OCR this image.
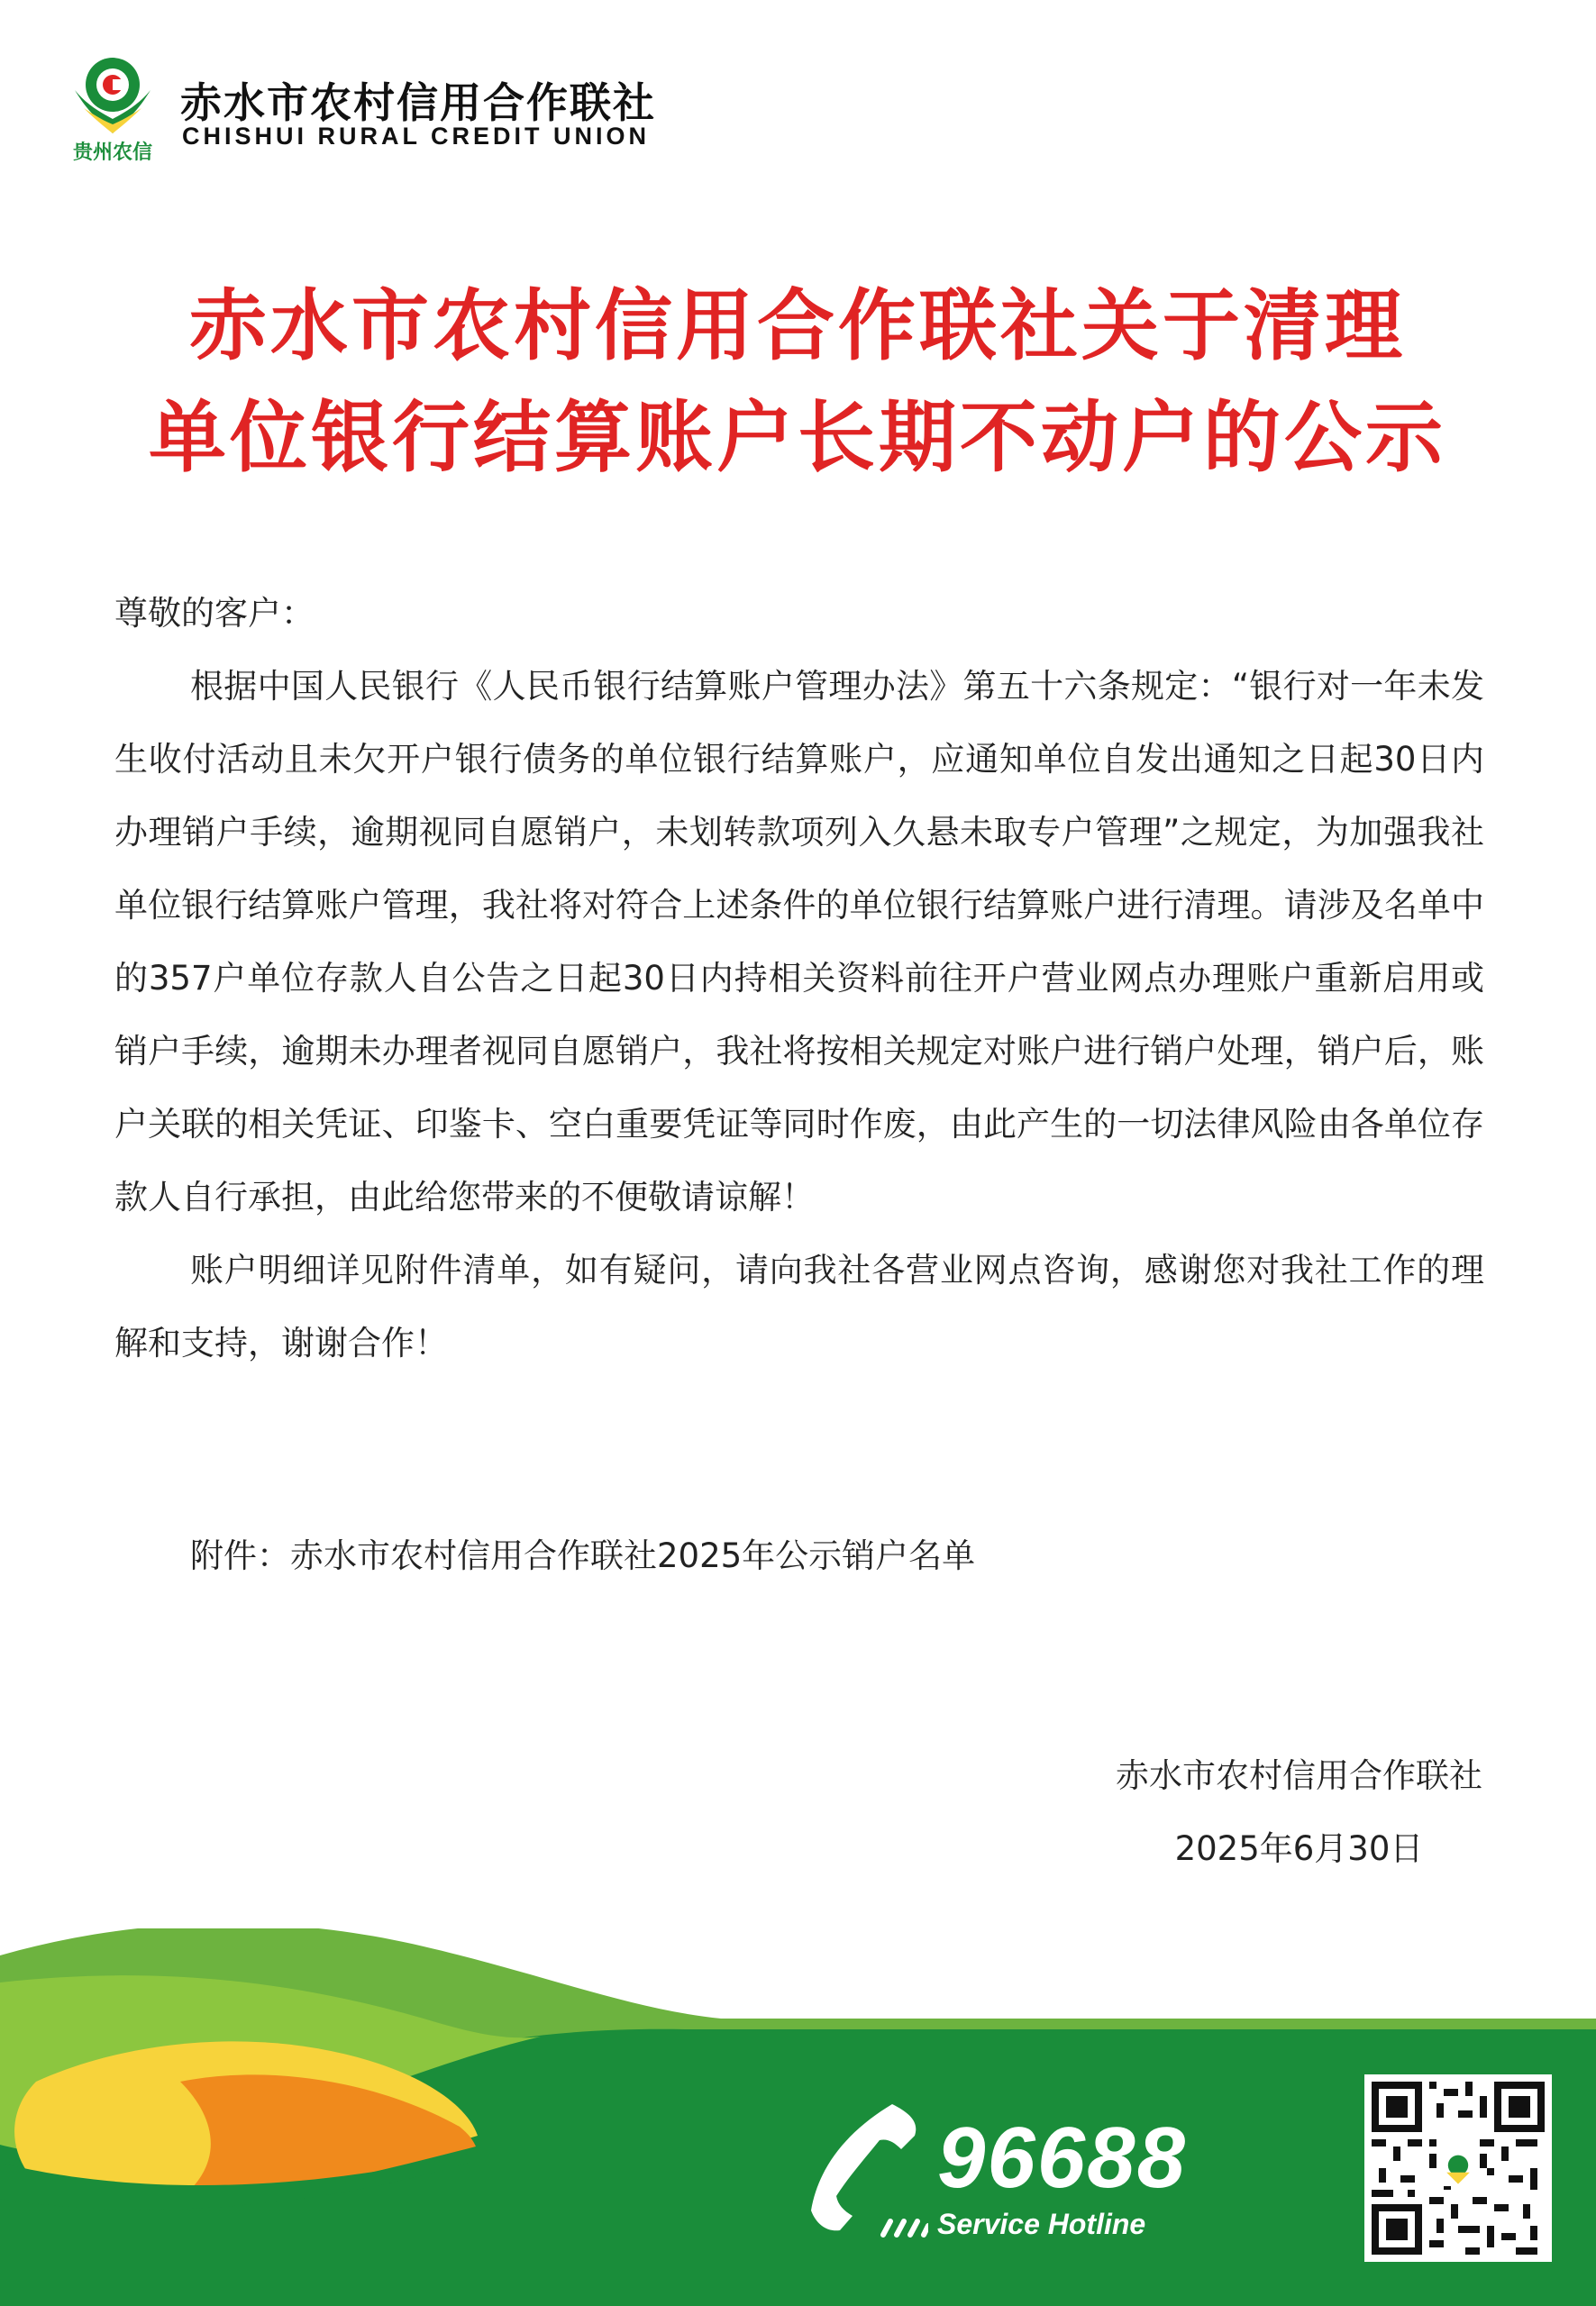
贵州农信
赤水市农村信用合作联社
CHISHUI RURAL CREDIT UNION
赤水市农村信用合作联社关于清理
单位银行结算账户长期不动户的公示

尊敬的客户：

根据中国人民银行《人民币银行结算账户管理办法》第五十六条规定：“银行对一年未发生收付活动且未欠开户银行债务的单位银行结算账户，应通知单位自发出通知之日起30日内办理销户手续，逾期视同自愿销户，未划转款项列入久悬未取专户管理”之规定，为加强我社单位银行结算账户管理，我社将对符合上述条件的单位银行结算账户进行清理。请涉及名单中的357户单位存款人自公告之日起30日内持相关资料前往开户营业网点办理账户重新启用或销户手续，逾期未办理者视同自愿销户，我社将按相关规定对账户进行销户处理，销户后，账户关联的相关凭证、印鉴卡、空白重要凭证等同时作废，由此产生的一切法律风险由各单位存款人自行承担，由此给您带来的不便敬请谅解！

账户明细详见附件清单，如有疑问，请向我社各营业网点咨询，感谢您对我社工作的理解和支持，谢谢合作！

附件：赤水市农村信用合作联社2025年公示销户名单
赤水市农村信用合作联社
2025年6月30日
96688
Service Hotline
